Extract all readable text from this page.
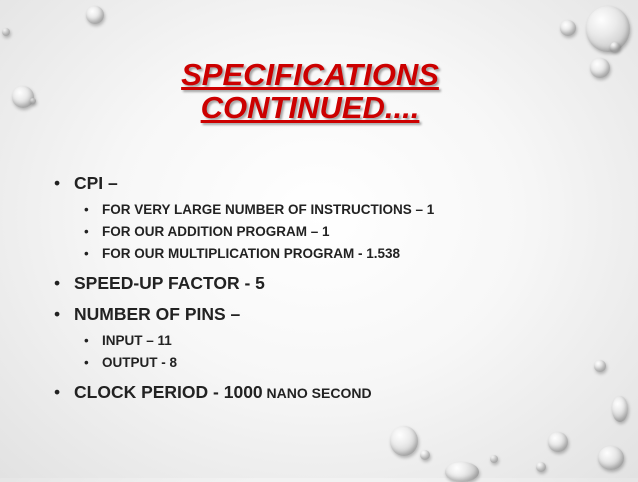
SPECIFICATIONS
CONTINUED....
• CPI –
• FOR VERY LARGE NUMBER OF INSTRUCTIONS – 1
• FOR OUR ADDITION PROGRAM – 1
• FOR OUR MULTIPLICATION PROGRAM - 1.538
• SPEED-UP FACTOR - 5
• NUMBER OF PINS –
• INPUT – 11
• OUTPUT - 8
• CLOCK PERIOD - 1000 NANO SECOND
